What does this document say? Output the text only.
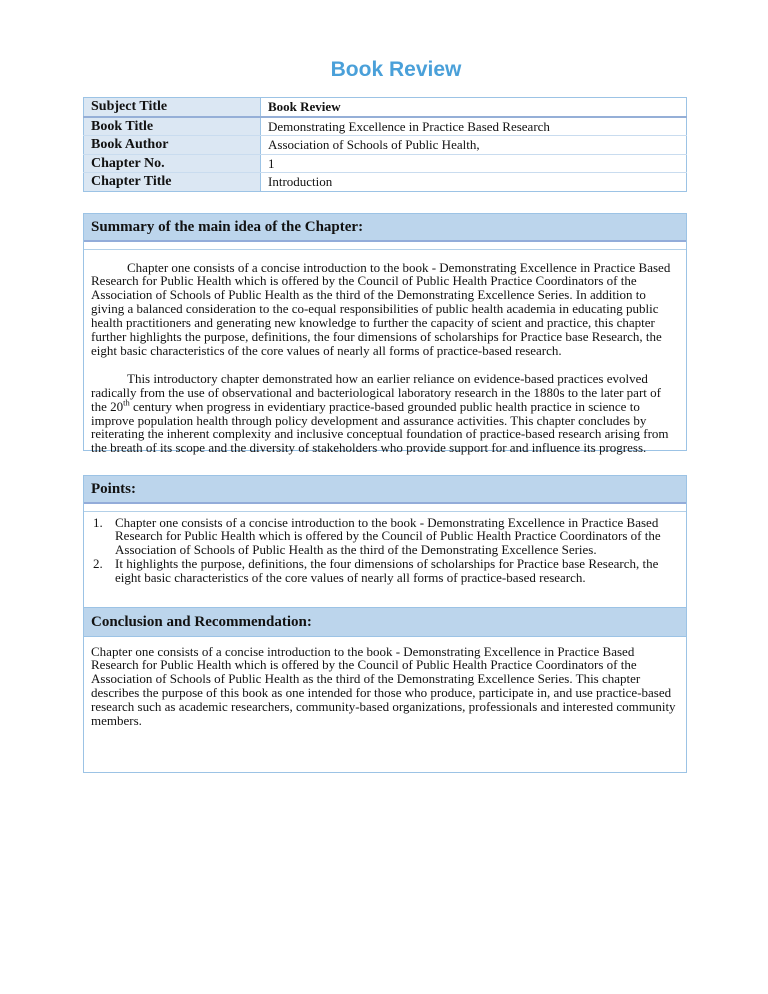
Book Review
Subject Title	Book Review
Book Title	Demonstrating Excellence in Practice Based Research
Book Author	Association of Schools of Public Health,
Chapter No.	1
Chapter Title	Introduction
Summary of the main idea of the Chapter:

Chapter one consists of a concise introduction to the book - Demonstrating Excellence in Practice Based Research for Public Health which is offered by the Council of Public Health Practice Coordinators of the Association of Schools of Public Health as the third of the Demonstrating Excellence Series. In addition to giving a balanced consideration to the co-equal responsibilities of public health academia in educating public health practitioners and generating new knowledge to further the capacity of scient and practice, this chapter further highlights the purpose, definitions, the four dimensions of scholarships for Practice base Research, the eight basic characteristics of the core values of nearly all forms of practice-based research.

This introductory chapter demonstrated how an earlier reliance on evidence-based practices evolved radically from the use of observational and bacteriological laboratory research in the 1880s to the later part of the 20th century when progress in evidentiary practice-based grounded public health practice in science to improve population health through policy development and assurance activities. This chapter concludes by reiterating the inherent complexity and inclusive conceptual foundation of practice-based research arising from the breath of its scope and the diversity of stakeholders who provide support for and influence its progress.

Points:
1. Chapter one consists of a concise introduction to the book - Demonstrating Excellence in Practice Based Research for Public Health which is offered by the Council of Public Health Practice Coordinators of the Association of Schools of Public Health as the third of the Demonstrating Excellence Series.
2. It highlights the purpose, definitions, the four dimensions of scholarships for Practice base Research, the eight basic characteristics of the core values of nearly all forms of practice-based research.
Conclusion and Recommendation:

Chapter one consists of a concise introduction to the book - Demonstrating Excellence in Practice Based Research for Public Health which is offered by the Council of Public Health Practice Coordinators of the Association of Schools of Public Health as the third of the Demonstrating Excellence Series. This chapter describes the purpose of this book as one intended for those who produce, participate in, and use practice-based research such as academic researchers, community-based organizations, professionals and interested community members.
